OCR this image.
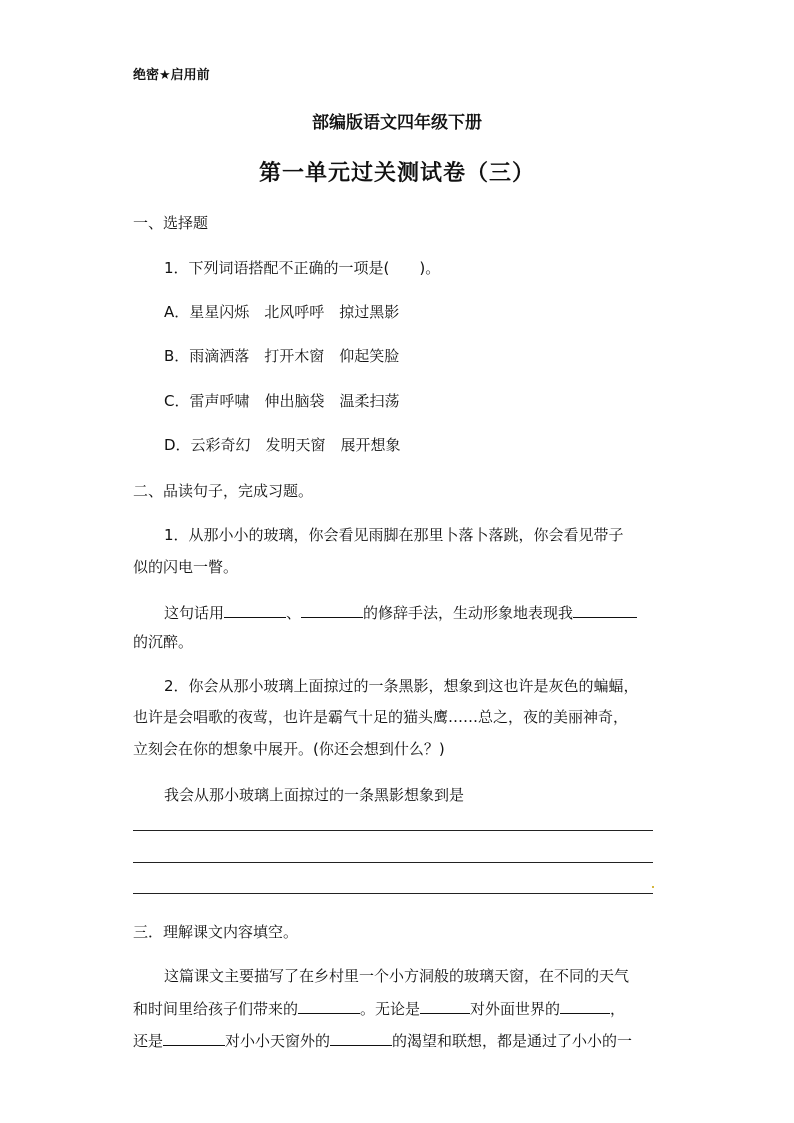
绝密★启用前
部编版语文四年级下册
第一单元过关测试卷（三）
一、选择题
1．下列词语搭配不正确的一项是(　　)。
A．星星闪烁　北风呼呼　掠过黑影
B．雨滴洒落　打开木窗　仰起笑脸
C．雷声呼啸　伸出脑袋　温柔扫荡
D．云彩奇幻　发明天窗　展开想象
二、品读句子，完成习题。
1．从那小小的玻璃，你会看见雨脚在那里卜落卜落跳，你会看见带子
似的闪电一瞥。
这句话用	、	的修辞手法，生动形象地表现我
的沉醉。
2．你会从那小玻璃上面掠过的一条黑影，想象到这也许是灰色的蝙蝠，
也许是会唱歌的夜莺，也许是霸气十足的猫头鹰……总之，夜的美丽神奇，
立刻会在你的想象中展开。(你还会想到什么？)
我会从那小玻璃上面掠过的一条黑影想象到是
三．理解课文内容填空。
这篇课文主要描写了在乡村里一个小方洞般的玻璃天窗，在不同的天气
和时间里给孩子们带来的	。无论是	对外面世界的	，
还是	对小小天窗外的	的渴望和联想，都是通过了小小的一
